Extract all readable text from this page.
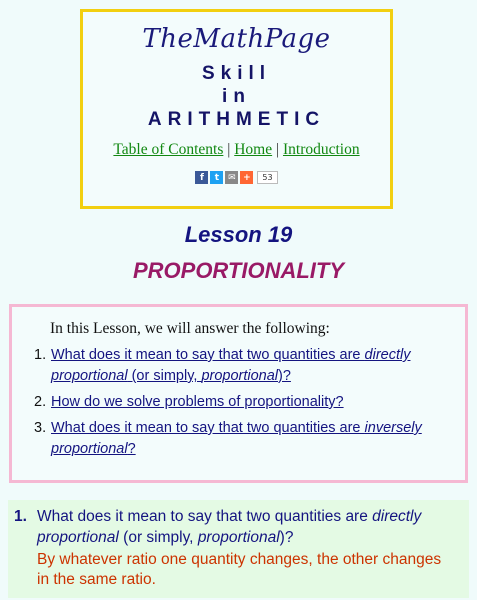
TheMathPage
Skill
in
ARITHMETIC
Table of Contents | Home | Introduction
f	t	✉ +	53
Lesson 19
PROPORTIONALITY
In this Lesson, we will answer the following:
1. What does it mean to say that two quantities are directly proportional (or simply, proportional)?
2. How do we solve problems of proportionality?
3. What does it mean to say that two quantities are inversely proportional?
1. What does it mean to say that two quantities are directly proportional (or simply, proportional)?
By whatever ratio one quantity changes, the other changes in the same ratio.
